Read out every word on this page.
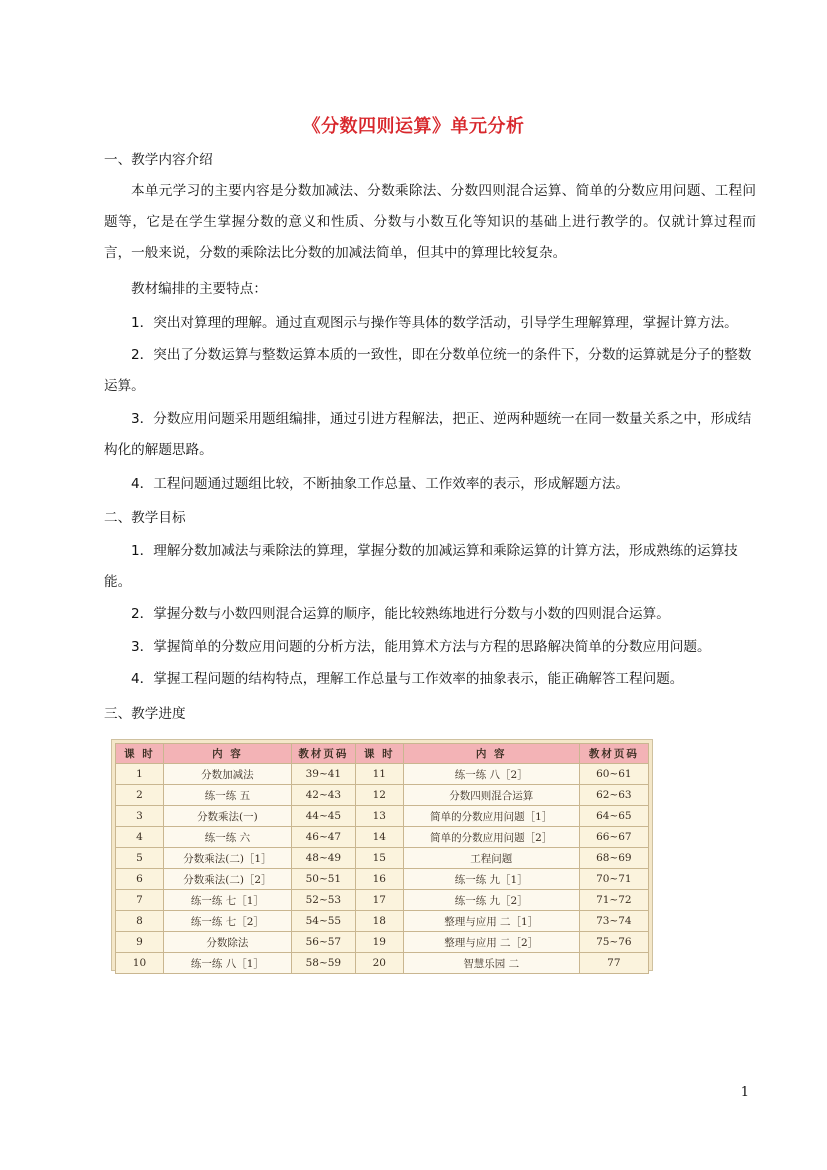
《分数四则运算》单元分析
一、教学内容介绍
本单元学习的主要内容是分数加减法、分数乘除法、分数四则混合运算、简单的分数应用问题、工程问题等，它是在学生掌握分数的意义和性质、分数与小数互化等知识的基础上进行教学的。仅就计算过程而言，一般来说，分数的乘除法比分数的加减法简单，但其中的算理比较复杂。
教材编排的主要特点：
1．突出对算理的理解。通过直观图示与操作等具体的数学活动，引导学生理解算理，掌握计算方法。
2．突出了分数运算与整数运算本质的一致性，即在分数单位统一的条件下，分数的运算就是分子的整数运算。
3．分数应用问题采用题组编排，通过引进方程解法，把正、逆两种题统一在同一数量关系之中，形成结构化的解题思路。
4．工程问题通过题组比较，不断抽象工作总量、工作效率的表示，形成解题方法。
二、教学目标
1．理解分数加减法与乘除法的算理，掌握分数的加减运算和乘除运算的计算方法，形成熟练的运算技能。
2．掌握分数与小数四则混合运算的顺序，能比较熟练地进行分数与小数的四则混合运算。
3．掌握简单的分数应用问题的分析方法，能用算术方法与方程的思路解决简单的分数应用问题。
4．掌握工程问题的结构特点，理解工作总量与工作效率的抽象表示，能正确解答工程问题。
三、教学进度
课 时	内 容	教材页码	课 时	内 容	教材页码
1	分数加减法	39~41	11	练一练 八［2］	60~61
2	练一练 五	42~43	12	分数四则混合运算	62~63
3	分数乘法(一)	44~45	13	简单的分数应用问题［1］	64~65
4	练一练 六	46~47	14	简单的分数应用问题［2］	66~67
5	分数乘法(二)［1］	48~49	15	工程问题	68~69
6	分数乘法(二)［2］	50~51	16	练一练 九［1］	70~71
7	练一练 七［1］	52~53	17	练一练 九［2］	71~72
8	练一练 七［2］	54~55	18	整理与应用 二［1］	73~74
9	分数除法	56~57	19	整理与应用 二［2］	75~76
10	练一练 八［1］	58~59	20	智慧乐园 二	77
1
